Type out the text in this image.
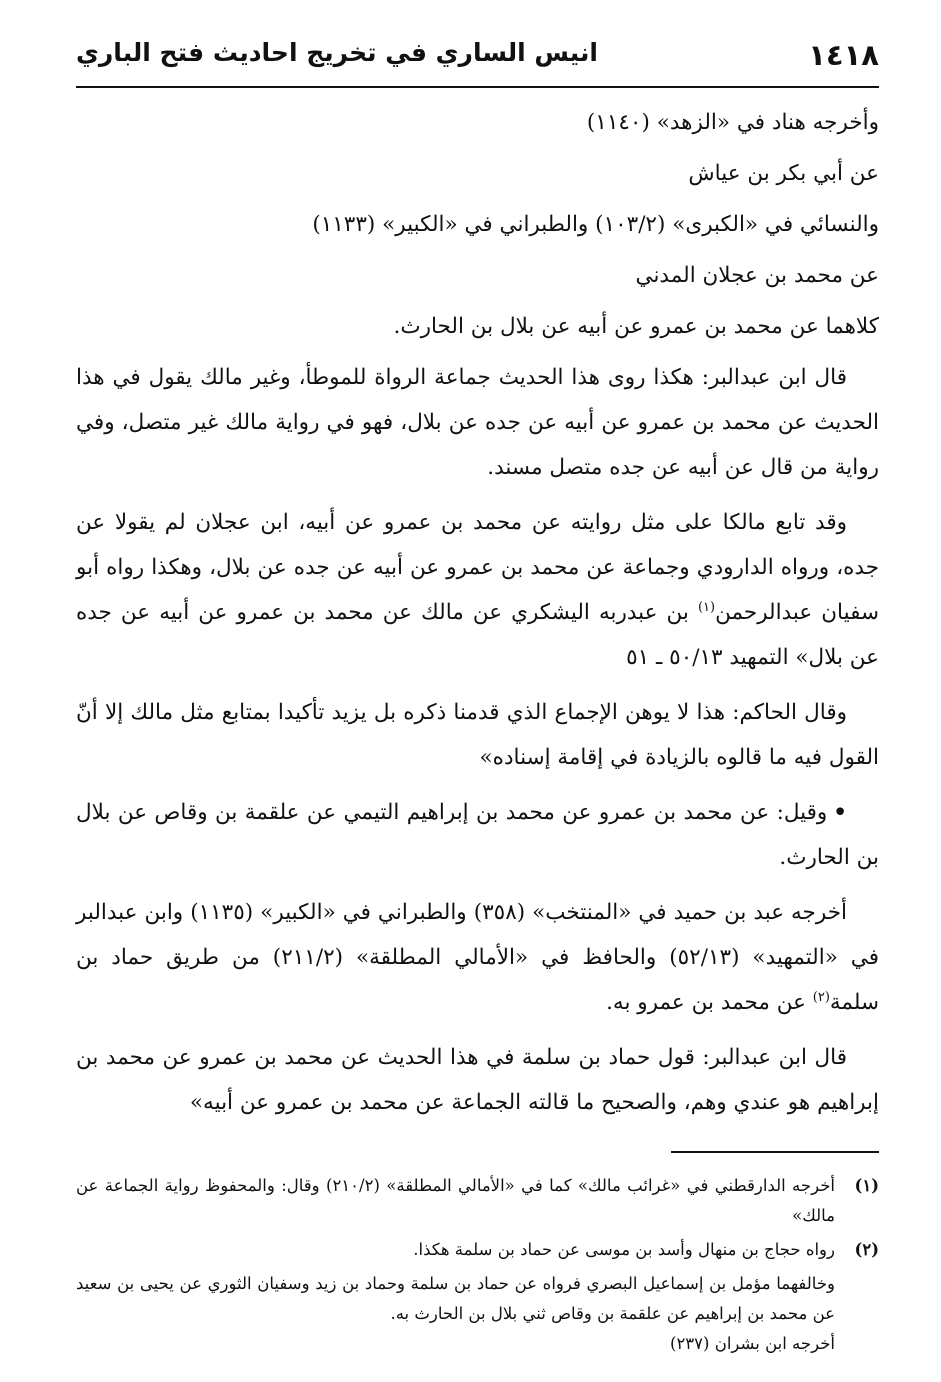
١٤١٨
انيس الساري في تخريج احاديث فتح الباري

وأخرجه هناد في «الزهد» (١١٤٠)

عن أبي بكر بن عياش

والنسائي في «الكبرى» (١٠٣/٢) والطبراني في «الكبير» (١١٣٣)

عن محمد بن عجلان المدني

كلاهما عن محمد بن عمرو عن أبيه عن بلال بن الحارث.

قال ابن عبدالبر: هكذا روى هذا الحديث جماعة الرواة للموطأ، وغير مالك يقول في هذا الحديث عن محمد بن عمرو عن أبيه عن جده عن بلال، فهو في رواية مالك غير متصل، وفي رواية من قال عن أبيه عن جده متصل مسند.

وقد تابع مالكا على مثل روايته عن محمد بن عمرو عن أبيه، ابن عجلان لم يقولا عن جده، ورواه الدارودي وجماعة عن محمد بن عمرو عن أبيه عن جده عن بلال، وهكذا رواه أبو سفيان عبدالرحمن$^{(١)}$ بن عبدربه اليشكري عن مالك عن محمد بن عمرو عن أبيه عن جده عن بلال» التمهيد ٥٠/١٣ ـ ٥١

وقال الحاكم: هذا لا يوهن الإجماع الذي قدمنا ذكره بل يزيد تأكيدا بمتابع مثل مالك إلا أنّ القول فيه ما قالوه بالزيادة في إقامة إسناده»

•وقيل: عن محمد بن عمرو عن محمد بن إبراهيم التيمي عن علقمة بن وقاص عن بلال بن الحارث.

أخرجه عبد بن حميد في «المنتخب» (٣٥٨) والطبراني في «الكبير» (١١٣٥) وابن عبدالبر في «التمهيد» (٥٢/١٣) والحافظ في «الأمالي المطلقة» (٢١١/٢) من طريق حماد بن سلمة$^{(٢)}$ عن محمد بن عمرو به.

قال ابن عبدالبر: قول حماد بن سلمة في هذا الحديث عن محمد بن عمرو عن محمد بن إبراهيم هو عندي وهم، والصحيح ما قالته الجماعة عن محمد بن عمرو عن أبيه»

(١)
أخرجه الدارقطني في «غرائب مالك» كما في «الأمالي المطلقة» (٢١٠/٢) وقال: والمحفوظ رواية الجماعة عن مالك»
(٢)
رواه حجاج بن منهال وأسد بن موسى عن حماد بن سلمة هكذا.

وخالفهما مؤمل بن إسماعيل البصري فرواه عن حماد بن سلمة وحماد بن زيد وسفيان الثوري عن يحيى بن سعيد عن محمد بن إبراهيم عن علقمة بن وقاص ثني بلال بن الحارث به.

أخرجه ابن بشران (٢٣٧)
